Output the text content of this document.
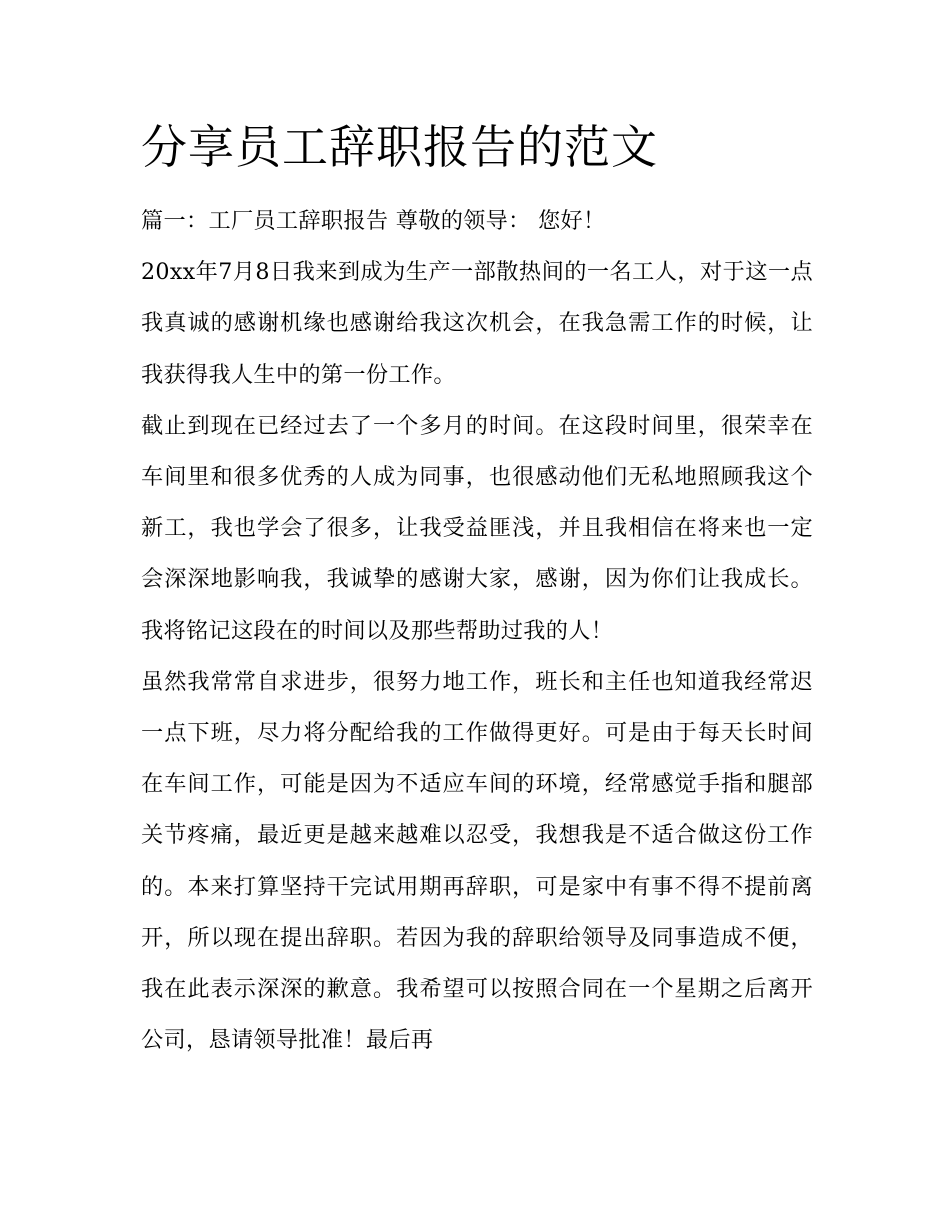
分享员工辞职报告的范文

篇一：工厂员工辞职报告 尊敬的领导： 您好！

20xx年7月8日我来到成为生产一部散热间的一名工人，对于这一点我真诚的感谢机缘也感谢给我这次机会，在我急需工作的时候，让我获得我人生中的第一份工作。

截止到现在已经过去了一个多月的时间。在这段时间里，很荣幸在车间里和很多优秀的人成为同事，也很感动他们无私地照顾我这个新工，我也学会了很多，让我受益匪浅，并且我相信在将来也一定会深深地影响我，我诚挚的感谢大家，感谢，因为你们让我成长。我将铭记这段在的时间以及那些帮助过我的人！

虽然我常常自求进步，很努力地工作，班长和主任也知道我经常迟一点下班，尽力将分配给我的工作做得更好。可是由于每天长时间在车间工作，可能是因为不适应车间的环境，经常感觉手指和腿部关节疼痛，最近更是越来越难以忍受，我想我是不适合做这份工作的。本来打算坚持干完试用期再辞职，可是家中有事不得不提前离开，所以现在提出辞职。若因为我的辞职给领导及同事造成不便，我在此表示深深的歉意。我希望可以按照合同在一个星期之后离开公司，恳请领导批准！最后再
